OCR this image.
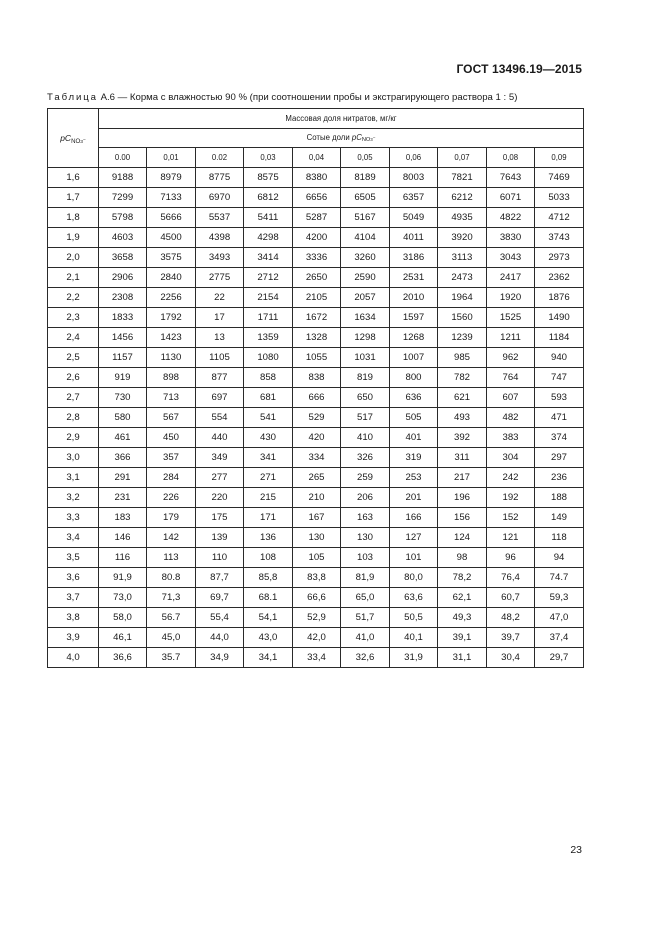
ГОСТ 13496.19—2015
Таблица А.6 — Корма с влажностью 90 % (при соотношении пробы и экстрагирующего раствора 1 : 5)
$pC_{NO3^-}$	Массовая доля нитратов, мг/кг									
	Сотые доли $pC_{NO3^-}$
	0.00	0,01	0.02	0,03	0,04	0,05	0,06	0,07	0,08	0,09
1,6	9188	8979	8775	8575	8380	8189	8003	7821	7643	7469
1,7	7299	7133	6970	6812	6656	6505	6357	6212	6071	5033
1,8	5798	5666	5537	5411	5287	5167	5049	4935	4822	4712
1,9	4603	4500	4398	4298	4200	4104	4011	3920	3830	3743
2,0	3658	3575	3493	3414	3336	3260	3186	3113	3043	2973
2,1	2906	2840	2775	2712	2650	2590	2531	2473	2417	2362
2,2	2308	2256	22	2154	2105	2057	2010	1964	1920	1876
2,3	1833	1792	17	1711	1672	1634	1597	1560	1525	1490
2,4	1456	1423	13	1359	1328	1298	1268	1239	1211	1184
2,5	1157	1130	1105	1080	1055	1031	1007	985	962	940
2,6	919	898	877	858	838	819	800	782	764	747
2,7	730	713	697	681	666	650	636	621	607	593
2,8	580	567	554	541	529	517	505	493	482	471
2,9	461	450	440	430	420	410	401	392	383	374
3,0	366	357	349	341	334	326	319	311	304	297
3,1	291	284	277	271	265	259	253	217	242	236
3,2	231	226	220	215	210	206	201	196	192	188
3,3	183	179	175	171	167	163	166	156	152	149
3,4	146	142	139	136	130	130	127	124	121	118
3,5	116	113	110	108	105	103	101	98	96	94
3,6	91,9	80.8	87,7	85,8	83,8	81,9	80,0	78,2	76,4	74.7
3,7	73,0	71,3	69,7	68.1	66,6	65,0	63,6	62,1	60,7	59,3
3,8	58,0	56.7	55,4	54,1	52,9	51,7	50,5	49,3	48,2	47,0
3,9	46,1	45,0	44,0	43,0	42,0	41,0	40,1	39,1	39,7	37,4
4,0	36,6	35.7	34,9	34,1	33,4	32,6	31,9	31,1	30,4	29,7
23
